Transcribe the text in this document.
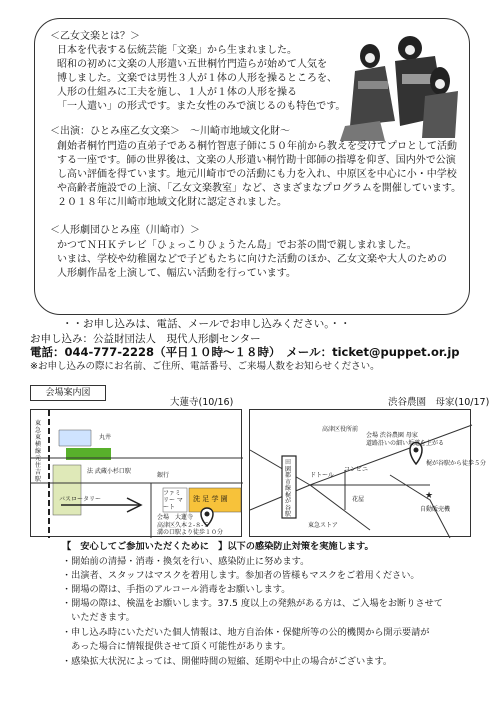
＜乙女文楽とは？＞
日本を代表する伝統芸能「文楽」から生まれました。
昭和の初めに文楽の人形遣い五世桐竹門造らが始めて人気を
博しました。文楽では男性３人が１体の人形を操るところを、
人形の仕組みに工夫を施し、１人が１体の人形を操る
「一人遣い」の形式です。また女性のみで演じるのも特色です。
＜出演：ひとみ座乙女文楽＞　～川崎市地域文化財～
創始者桐竹門造の直弟子である桐竹智恵子師に５０年前から教えを受けてプロとして活動
する一座です。師の世界後は、文楽の人形遣い桐竹勘十郎師の指導を仰ぎ、国内外で公演
し高い評価を得ています。地元川崎市での活動にも力を入れ、中原区を中心に小・中学校
や高齢者施設での上演、「乙女文楽教室」など、さまざまなプログラムを開催しています。
２０１８年に川崎市地域文化財に認定されました。
＜人形劇団ひとみ座（川崎市）＞
かつてＮＨＫテレビ「ひょっこりひょうたん島」でお茶の間で親しまれました。
いまは、学校や幼稚園などで子どもたちに向けた活動のほか、乙女文楽や大人のための
人形劇作品を上演して、幅広い活動を行っています。
・・お申し込みは、電話、メールでお申し込みください。・・
お申し込み：公益財団法人　現代人形劇センター
電話：044-777-2228（平日１０時～１８時）　メール：ticket@puppet.or.jp
※お申し込みの際にお名前、ご住所、電話番号、ご来場人数をお知らせください。
会場案内図
大蓮寺(10/16)	渋谷農園　母家(10/17)
東急東横線 元住吉駅
丸井
法 武蔵小杉口駅
銀行
ファミリー マート
バスロータリー	洗 足 学 園
会場　大蓮寺
高津区久本２-８-５
溝の口駅より徒歩１０分
★
高津区役所前
ドトール
田園都市線 梶が谷 駅
コンビニ
花屋
東急ストア
自動販売機
会場 渋谷農園 母家
道路沿いの細い坂道を上がる
梶が谷駅から徒歩５分
【　安心してご参加いただくために　】以下の感染防止対策を実施します。
・開始前の清掃・消毒・換気を行い、感染防止に努めます。
・出演者、スタッフはマスクを着用します。参加者の皆様もマスクをご着用ください。
・開場の際は、手指のアルコール消毒をお願いします。
・開場の際は、検温をお願いします。37.5 度以上の発熱がある方は、ご入場をお断りさせて
　いただきます。
・申し込み時にいただいた個人情報は、地方自治体・保健所等の公的機関から開示要請が
　あった場合に情報提供させて頂く可能性があります。
・感染拡大状況によっては、開催時間の短縮、延期や中止の場合がございます。
